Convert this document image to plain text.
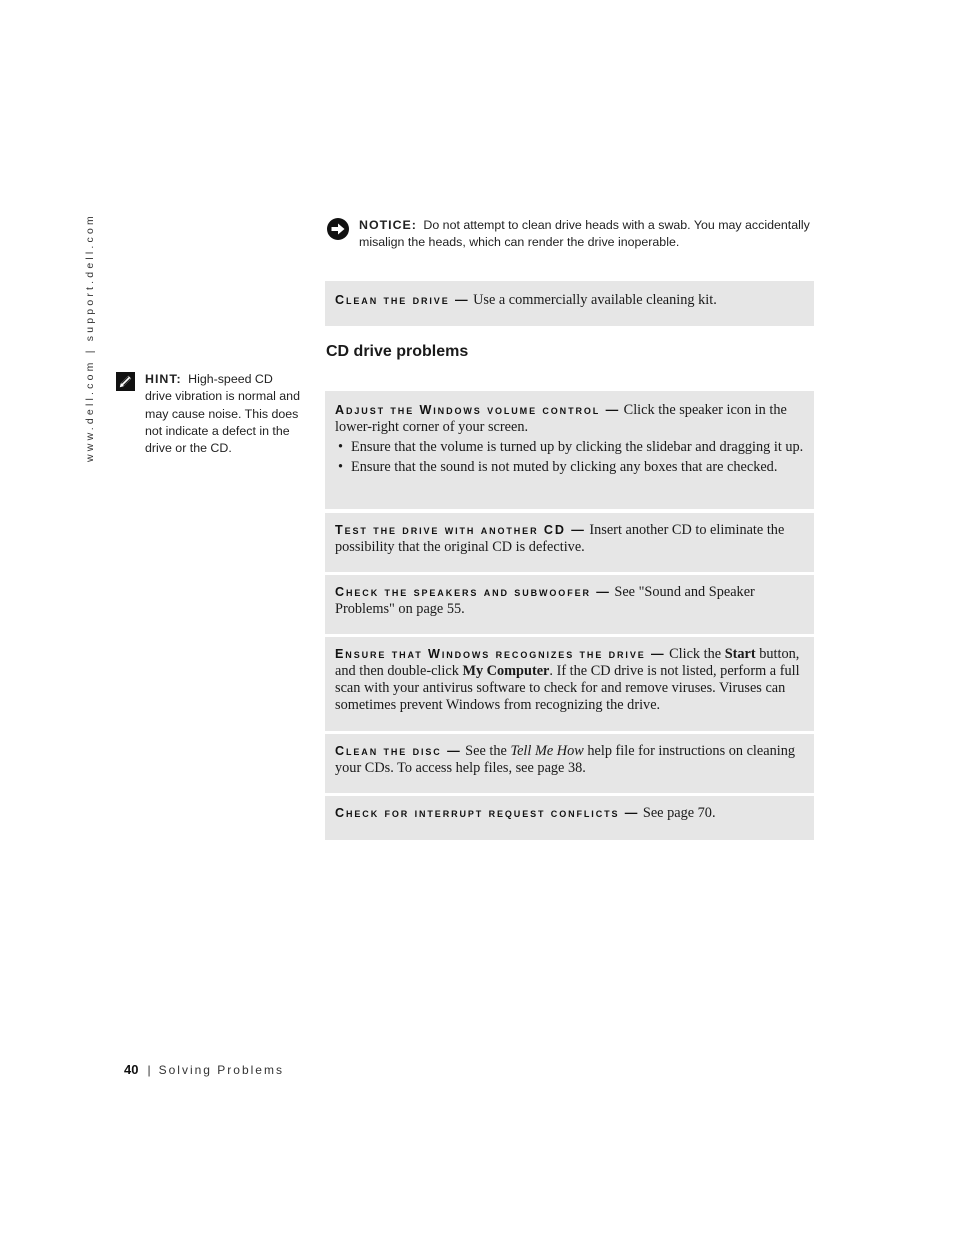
www.dell.com | support.dell.com	NOTICE: Do not attempt to clean drive heads with a swab. You may accidentally misalign the heads, which can render the drive inoperable.

Clean the drive — Use a commercially available cleaning kit.

CD drive problems
HINT: High-speed CD drive vibration is normal and may cause noise. This does not indicate a defect in the drive or the CD.

Adjust the Windows volume control — Click the speaker icon in the lower-right corner of your screen.

• Ensure that the volume is turned up by clicking the slidebar and dragging it up.
• Ensure that the sound is not muted by clicking any boxes that are checked.

Test the drive with another CD — Insert another CD to eliminate the possibility that the original CD is defective.

Check the speakers and subwoofer — See "Sound and Speaker Problems" on page 55.

Ensure that Windows recognizes the drive — Click the Start button, and then double-click My Computer. If the CD drive is not listed, perform a full scan with your antivirus software to check for and remove viruses. Viruses can sometimes prevent Windows from recognizing the drive.

Clean the disc — See the Tell Me How help file for instructions on cleaning your CDs. To access help files, see page 38.

Check for interrupt request conflicts — See page 70.

40 | Solving Problems
